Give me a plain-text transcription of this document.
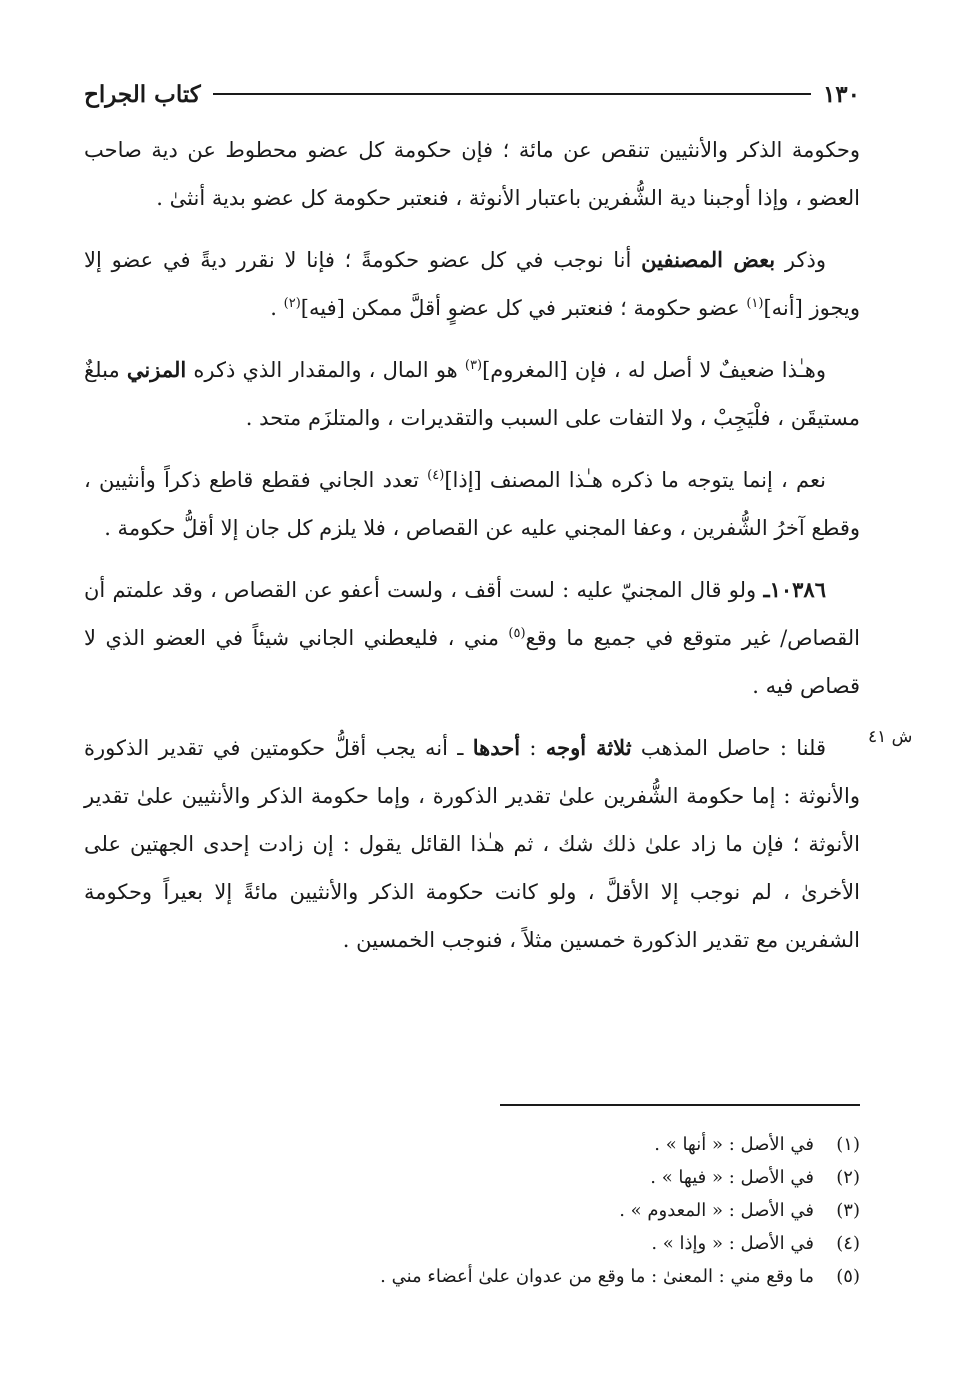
١٣٠
كتاب الجراح

وحكومة الذكر والأنثيين تنقص عن مائة ؛ فإن حكومة كل عضو محطوط عن دية صاحب العضو ، وإذا أوجبنا دية الشُّفرين باعتبار الأنوثة ، فنعتبر حكومة كل عضو بدية أنثىٰ .

وذكر بعض المصنفين أنا نوجب في كل عضو حكومةً ؛ فإنا لا نقرر ديةً في عضو إلا ويجوز [أنه]$^{(١)}$ عضو حكومة ؛ فنعتبر في كل عضوٍ أقلَّ ممكن [فيه]$^{(٢)}$ .

وهـٰذا ضعيفٌ لا أصل له ، فإن [المغروم]$^{(٣)}$ هو المال ، والمقدار الذي ذكره المزني مبلغٌ مستيقَن ، فلْيَجِبْ ، ولا التفات على السبب والتقديرات ، والمتلزَم متحد .

نعم ، إنما يتوجه ما ذكره هـٰذا المصنف [إذا]$^{(٤)}$ تعدد الجاني فقطع قاطع ذكراً وأنثيين ، وقطع آخرُ الشُّفرين ، وعفا المجني عليه عن القصاص ، فلا يلزم كل جان إلا أقلُّ حكومة .

١٠٣٨٦ـ ولو قال المجنيّ عليه : لست أقف ، ولست أعفو عن القصاص ، وقد علمتم أن القصاص/ غير متوقع في جميع ما وقع$^{(٥)}$ مني ، فليعطني الجاني شيئاً في العضو الذي لا قصاص فيه .

قلنا : حاصل المذهب ثلاثة أوجه : أحدها ـ أنه يجب أقلُّ حكومتين في تقدير الذكورة والأنوثة : إما حكومة الشُّفرين علىٰ تقدير الذكورة ، وإما حكومة الذكر والأنثيين علىٰ تقدير الأنوثة ؛ فإن ما زاد علىٰ ذلك شك ، ثم هـٰذا القائل يقول : إن زادت إحدى الجهتين على الأخرىٰ ، لم نوجب إلا الأقلَّ ، ولو كانت حكومة الذكر والأنثيين مائةً إلا بعيراً وحكومة الشفرين مع تقدير الذكورة خمسين مثلاً ، فنوجب الخمسين .

ش ٤١
(١)
في الأصل : « أنها » .
(٢)
في الأصل : « فيها » .
(٣)
في الأصل : « المعدوم » .
(٤)
في الأصل : « وإذا » .
(٥)
ما وقع مني : المعنىٰ : ما وقع من عدوان علىٰ أعضاء مني .
